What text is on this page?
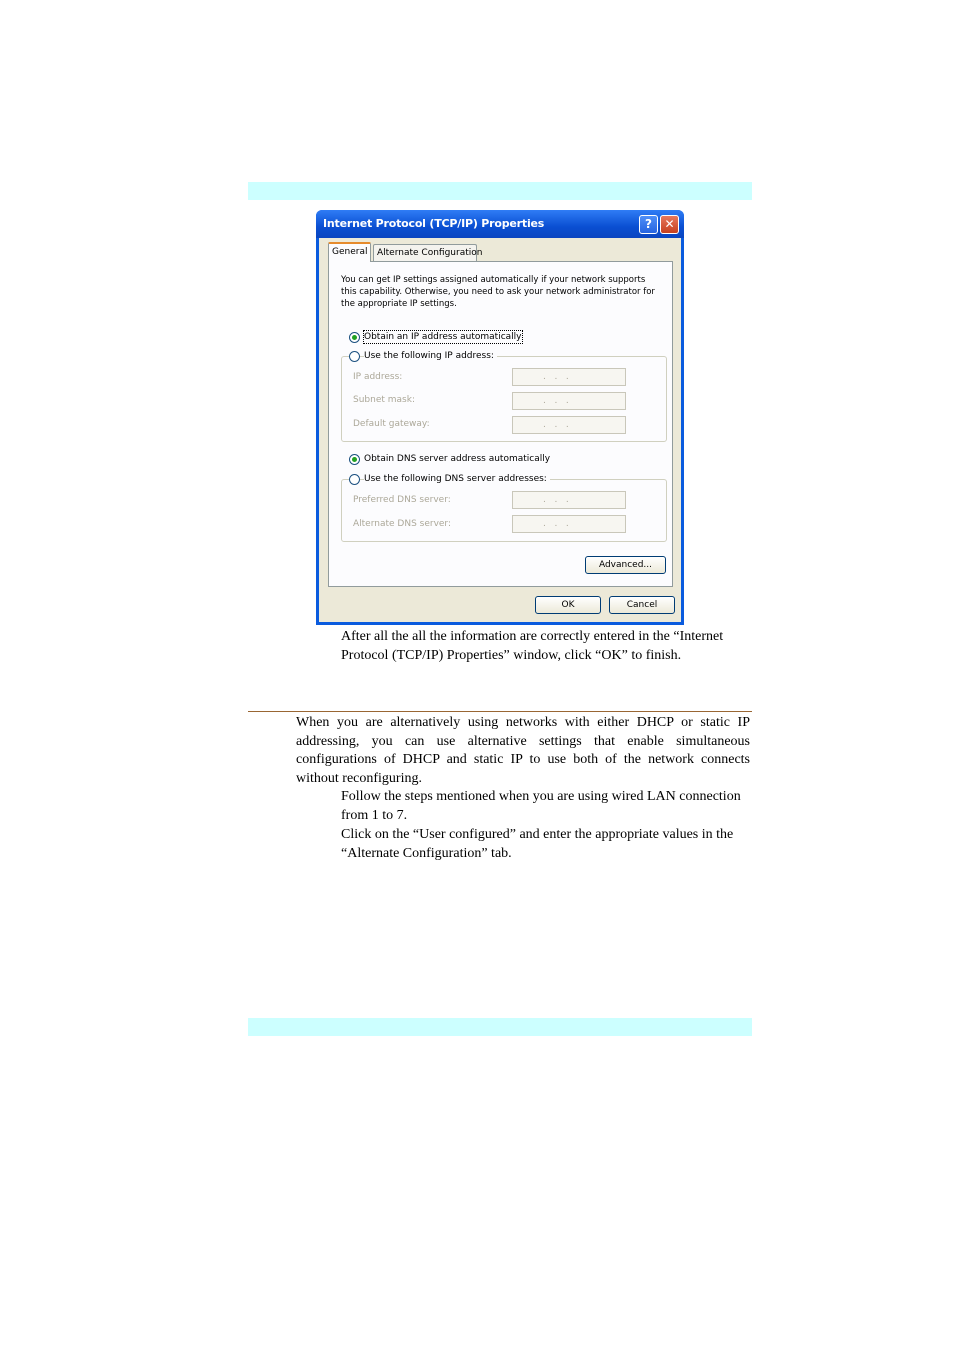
Internet Protocol (TCP/IP) Properties	?	✕
General	Alternate Configuration
You can get IP settings assigned automatically if your network supports this capability. Otherwise, you need to ask your network administrator for the appropriate IP settings.
Obtain an IP address automatically
Use the following IP address:
IP address:	.   .   .
Subnet mask:	.   .   .
Default gateway:	.   .   .
Obtain DNS server address automatically
Use the following DNS server addresses:
Preferred DNS server:	.   .   .
Alternate DNS server:	.   .   .
Advanced...
OK	Cancel
After all the all the information are correctly entered in the “Internet Protocol (TCP/IP) Properties” window, click “OK” to finish.
When you are alternatively using networks with either DHCP or static IP addressing, you can use alternative settings that enable simultaneous configurations of DHCP and static IP to use both of the network connects without reconfiguring.
Follow the steps mentioned when you are using wired LAN connection from 1 to 7.
Click on the “User configured” and enter the appropriate values in the “Alternate Configuration” tab.
